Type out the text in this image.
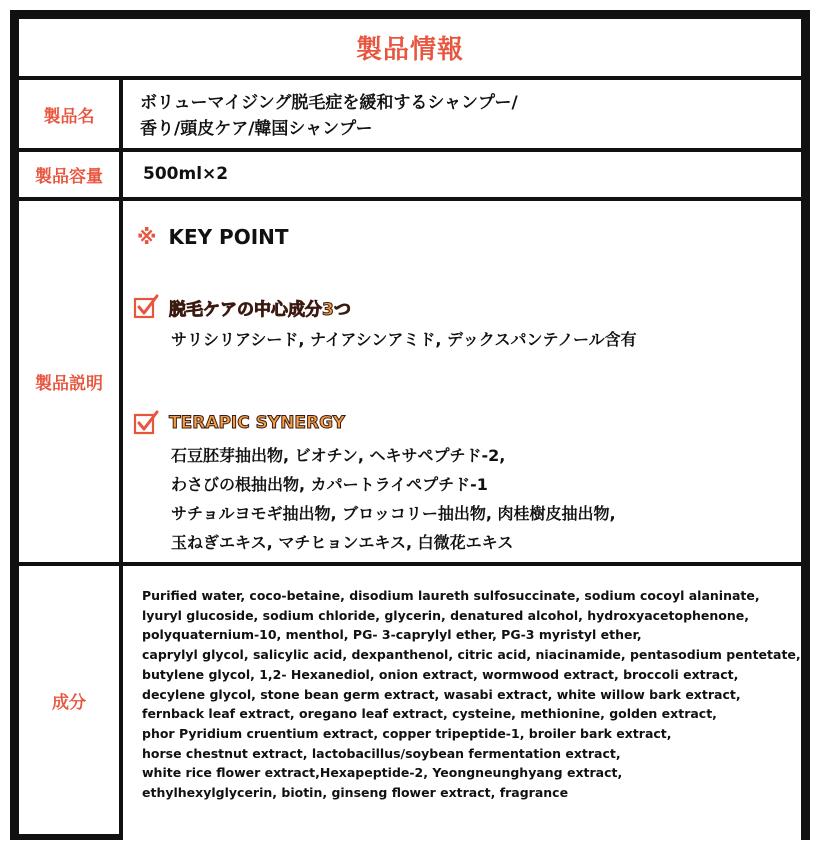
製品情報
製品名
ボリューマイジング脱毛症を緩和するシャンプー/
香り/頭皮ケア/韓国シャンプー
製品容量 500ml×2
製品説明
※ KEY POINT
脱毛ケアの中心成分3つ
サリシリアシード, ナイアシンアミド, デックスパンテノール含有
TERAPIC SYNERGY
石豆胚芽抽出物, ビオチン, ヘキサペプチド-2,
わさびの根抽出物, カパートライペプチド-1
サチョルヨモギ抽出物, ブロッコリー抽出物, 肉桂樹皮抽出物,
玉ねぎエキス, マチヒョンエキス, 白微花エキス
成分
Purified water, coco-betaine, disodium laureth sulfosuccinate, sodium cocoyl alaninate,
lyuryl glucoside, sodium chloride, glycerin, denatured alcohol, hydroxyacetophenone,
polyquaternium-10, menthol, PG- 3-caprylyl ether, PG-3 myristyl ether,
caprylyl glycol, salicylic acid, dexpanthenol, citric acid, niacinamide, pentasodium pentetate,
butylene glycol, 1,2- Hexanediol, onion extract, wormwood extract, broccoli extract,
decylene glycol, stone bean germ extract, wasabi extract, white willow bark extract,
fernback leaf extract, oregano leaf extract, cysteine, methionine, golden extract,
phor Pyridium cruentium extract, copper tripeptide-1, broiler bark extract,
horse chestnut extract, lactobacillus/soybean fermentation extract,
white rice flower extract,Hexapeptide-2, Yeongneunghyang extract,
ethylhexylglycerin, biotin, ginseng flower extract, fragrance
